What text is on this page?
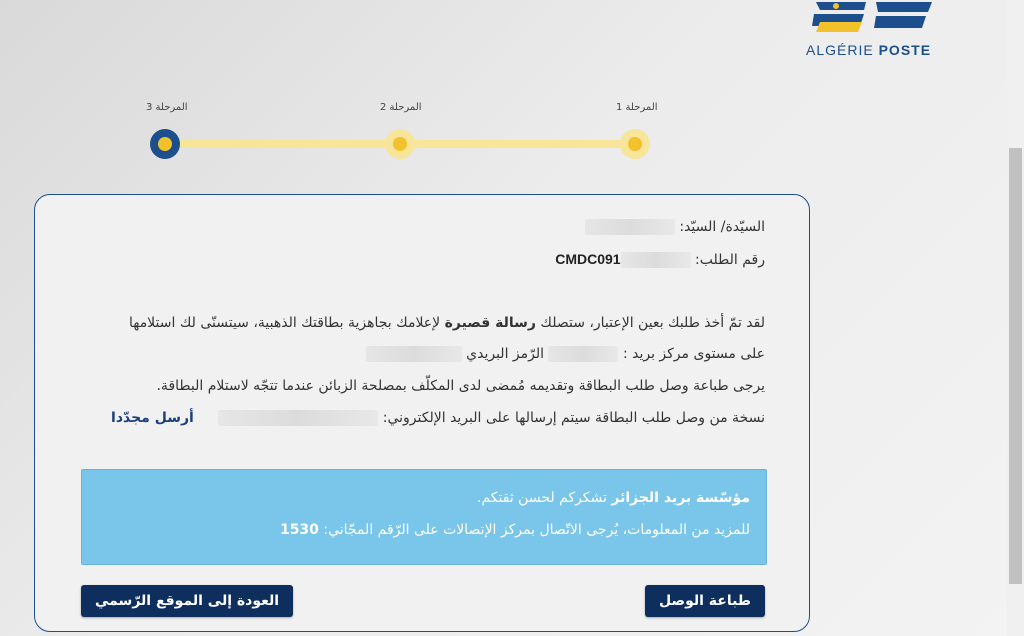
ALGÉRIE POSTE
المرحلة 1
المرحلة 2
المرحلة 3
السيّدة/ السيّد:
رقم الطلب: CMDC091
لقد تمّ أخذ طلبك بعين الإعتبار، ستصلك رسالة قصيرة لإعلامك بجاهزية بطاقتك الذهبية، سيتسنّى لك استلامها
على مستوى مركز بريد :  الرّمز البريدي
يرجى طباعة وصل طلب البطاقة وتقديمه مُمضى لدى المكلّف بمصلحة الزبائن عندما تتجّه لاستلام البطاقة.
نسخة من وصل طلب البطاقة سيتم إرسالها على البريد الإلكتروني:  أرسل مجدّدا
مؤسّسة بريد الجزائر تشكركم لحسن ثقتكم.
للمزيد من المعلومات، يُرجى الاتّصال بمركز الإتصالات على الرّقم المجّاني: 1530
طباعة الوصل
العودة إلى الموقع الرّسمي
